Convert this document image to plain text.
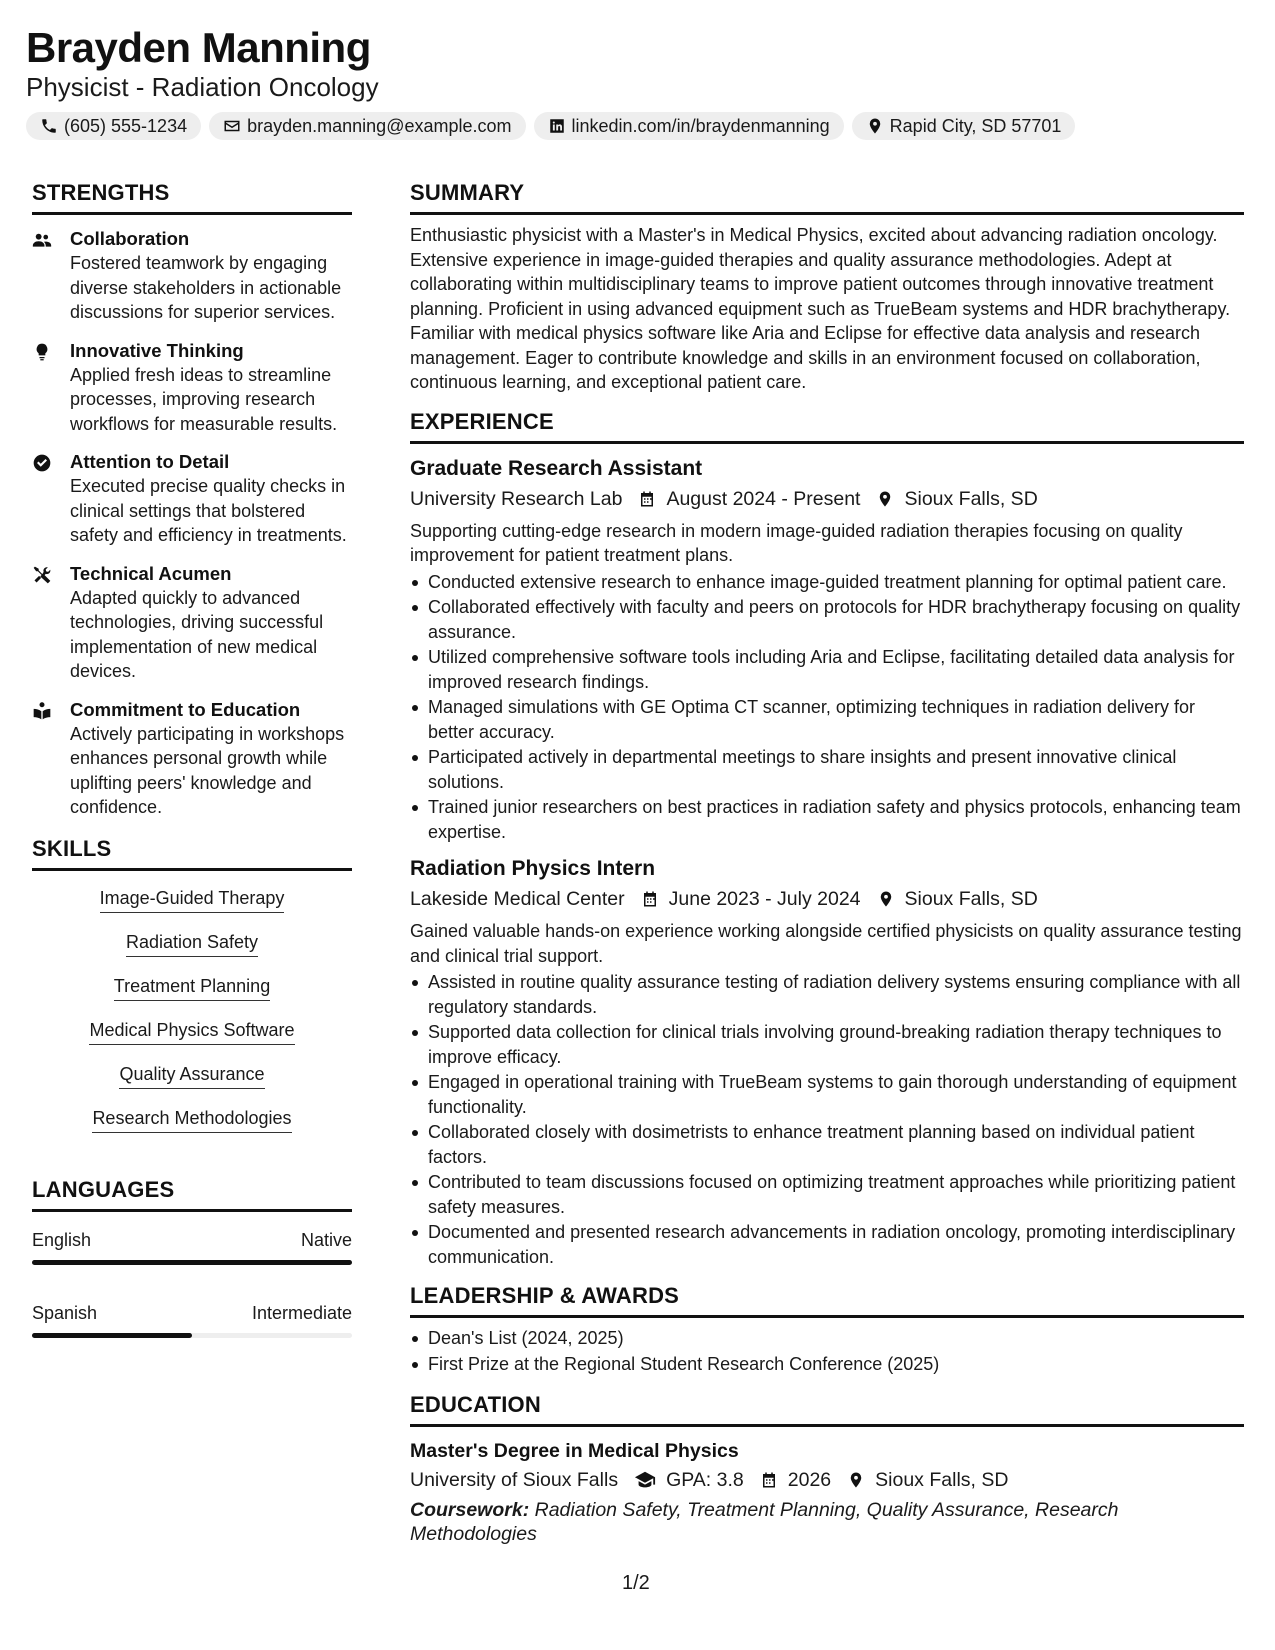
Brayden Manning
Physicist - Radiation Oncology
(605) 555-1234	brayden.manning@example.com	linkedin.com/in/braydenmanning	Rapid City, SD 57701
STRENGTHS
Collaboration
Fostered teamwork by engaging diverse stakeholders in actionable discussions for superior services.
Innovative Thinking
Applied fresh ideas to streamline processes, improving research workflows for measurable results.
Attention to Detail
Executed precise quality checks in clinical settings that bolstered safety and efficiency in treatments.
Technical Acumen
Adapted quickly to advanced technologies, driving successful implementation of new medical devices.
Commitment to Education
Actively participating in workshops enhances personal growth while uplifting peers' knowledge and confidence.
SKILLS
Image-Guided Therapy
Radiation Safety
Treatment Planning
Medical Physics Software
Quality Assurance
Research Methodologies
LANGUAGES
English	Native
Spanish	Intermediate
SUMMARY
Enthusiastic physicist with a Master's in Medical Physics, excited about advancing radiation oncology. Extensive experience in image-guided therapies and quality assurance methodologies. Adept at collaborating within multidisciplinary teams to improve patient outcomes through innovative treatment planning. Proficient in using advanced equipment such as TrueBeam systems and HDR brachytherapy. Familiar with medical physics software like Aria and Eclipse for effective data analysis and research management. Eager to contribute knowledge and skills in an environment focused on collaboration, continuous learning, and exceptional patient care.
EXPERIENCE
Graduate Research Assistant
University Research Lab August 2024 - Present Sioux Falls, SD
Supporting cutting-edge research in modern image-guided radiation therapies focusing on quality improvement for patient treatment plans.
Conducted extensive research to enhance image-guided treatment planning for optimal patient care.
Collaborated effectively with faculty and peers on protocols for HDR brachytherapy focusing on quality assurance.
Utilized comprehensive software tools including Aria and Eclipse, facilitating detailed data analysis for improved research findings.
Managed simulations with GE Optima CT scanner, optimizing techniques in radiation delivery for better accuracy.
Participated actively in departmental meetings to share insights and present innovative clinical solutions.
Trained junior researchers on best practices in radiation safety and physics protocols, enhancing team expertise.
Radiation Physics Intern
Lakeside Medical Center June 2023 - July 2024 Sioux Falls, SD
Gained valuable hands-on experience working alongside certified physicists on quality assurance testing and clinical trial support.
Assisted in routine quality assurance testing of radiation delivery systems ensuring compliance with all regulatory standards.
Supported data collection for clinical trials involving ground-breaking radiation therapy techniques to improve efficacy.
Engaged in operational training with TrueBeam systems to gain thorough understanding of equipment functionality.
Collaborated closely with dosimetrists to enhance treatment planning based on individual patient factors.
Contributed to team discussions focused on optimizing treatment approaches while prioritizing patient safety measures.
Documented and presented research advancements in radiation oncology, promoting interdisciplinary communication.
LEADERSHIP & AWARDS
Dean's List (2024, 2025)
First Prize at the Regional Student Research Conference (2025)
EDUCATION
Master's Degree in Medical Physics
University of Sioux Falls GPA: 3.8 2026 Sioux Falls, SD
Coursework: Radiation Safety, Treatment Planning, Quality Assurance, Research Methodologies
1/2
